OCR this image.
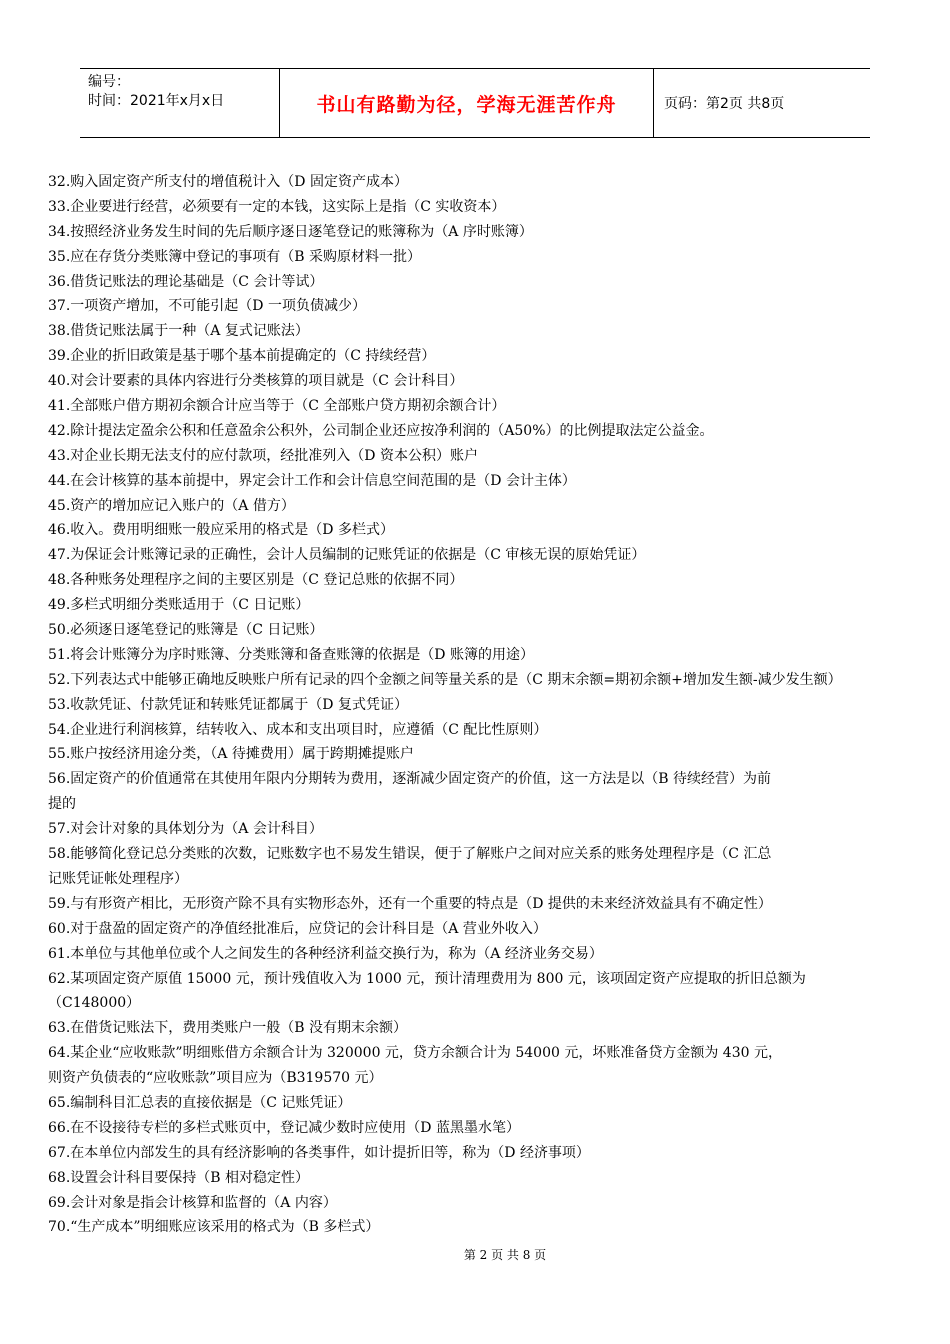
编号：
时间：2021年x月x日	书山有路勤为径，学海无涯苦作舟	页码：第2页 共8页
32.购入固定资产所支付的增值税计入（D 固定资产成本）
33.企业要进行经营，必须要有一定的本钱，这实际上是指（C 实收资本）
34.按照经济业务发生时间的先后顺序逐日逐笔登记的账簿称为（A 序时账簿）
35.应在存货分类账簿中登记的事项有（B 采购原材料一批）
36.借货记账法的理论基础是（C 会计等试）
37.一项资产增加，不可能引起（D 一项负债减少）
38.借货记账法属于一种（A 复式记账法）
39.企业的折旧政策是基于哪个基本前提确定的（C 持续经营）
40.对会计要素的具体内容进行分类核算的项目就是（C 会计科目）
41.全部账户借方期初余额合计应当等于（C 全部账户贷方期初余额合计）
42.除计提法定盈余公积和任意盈余公积外，公司制企业还应按净利润的（A50%）的比例提取法定公益金。
43.对企业长期无法支付的应付款项，经批准列入（D 资本公积）账户
44.在会计核算的基本前提中，界定会计工作和会计信息空间范围的是（D 会计主体）
45.资产的增加应记入账户的（A 借方）
46.收入。费用明细账一般应采用的格式是（D 多栏式）
47.为保证会计账簿记录的正确性，会计人员编制的记账凭证的依据是（C 审核无误的原始凭证）
48.各种账务处理程序之间的主要区别是（C 登记总账的依据不同）
49.多栏式明细分类账适用于（C 日记账）
50.必须逐日逐笔登记的账簿是（C 日记账）
51.将会计账簿分为序时账簿、分类账簿和备查账簿的依据是（D 账簿的用途）
52.下列表达式中能够正确地反映账户所有记录的四个金额之间等量关系的是（C 期末余额=期初余额+增加发生额-减少发生额）
53.收款凭证、付款凭证和转账凭证都属于（D 复式凭证）
54.企业进行利润核算，结转收入、成本和支出项目时，应遵循（C 配比性原则）
55.账户按经济用途分类，（A 待摊费用）属于跨期摊提账户
56.固定资产的价值通常在其使用年限内分期转为费用，逐渐减少固定资产的价值，这一方法是以（B 待续经营）为前
提的
57.对会计对象的具体划分为（A 会计科目）
58.能够简化登记总分类账的次数，记账数字也不易发生错误，便于了解账户之间对应关系的账务处理程序是（C 汇总
记账凭证帐处理程序）
59.与有形资产相比，无形资产除不具有实物形态外，还有一个重要的特点是（D 提供的未来经济效益具有不确定性）
60.对于盘盈的固定资产的净值经批准后，应贷记的会计科目是（A 营业外收入）
61.本单位与其他单位或个人之间发生的各种经济利益交换行为，称为（A 经济业务交易）
62.某项固定资产原值 15000 元，预计残值收入为 1000 元，预计清理费用为 800 元，该项固定资产应提取的折旧总额为
（C148000）
63.在借货记账法下，费用类账户一般（B 没有期末余额）
64.某企业“应收账款”明细账借方余额合计为 320000 元，贷方余额合计为 54000 元，坏账准备贷方金额为 430 元，
则资产负债表的“应收账款”项目应为（B319570 元）
65.编制科目汇总表的直接依据是（C 记账凭证）
66.在不设接待专栏的多栏式账页中，登记减少数时应使用（D 蓝黑墨水笔）
67.在本单位内部发生的具有经济影响的各类事件，如计提折旧等，称为（D 经济事项）
68.设置会计科目要保持（B 相对稳定性）
69.会计对象是指会计核算和监督的（A 内容）
70.“生产成本”明细账应该采用的格式为（B 多栏式）
第 2 页 共 8 页
